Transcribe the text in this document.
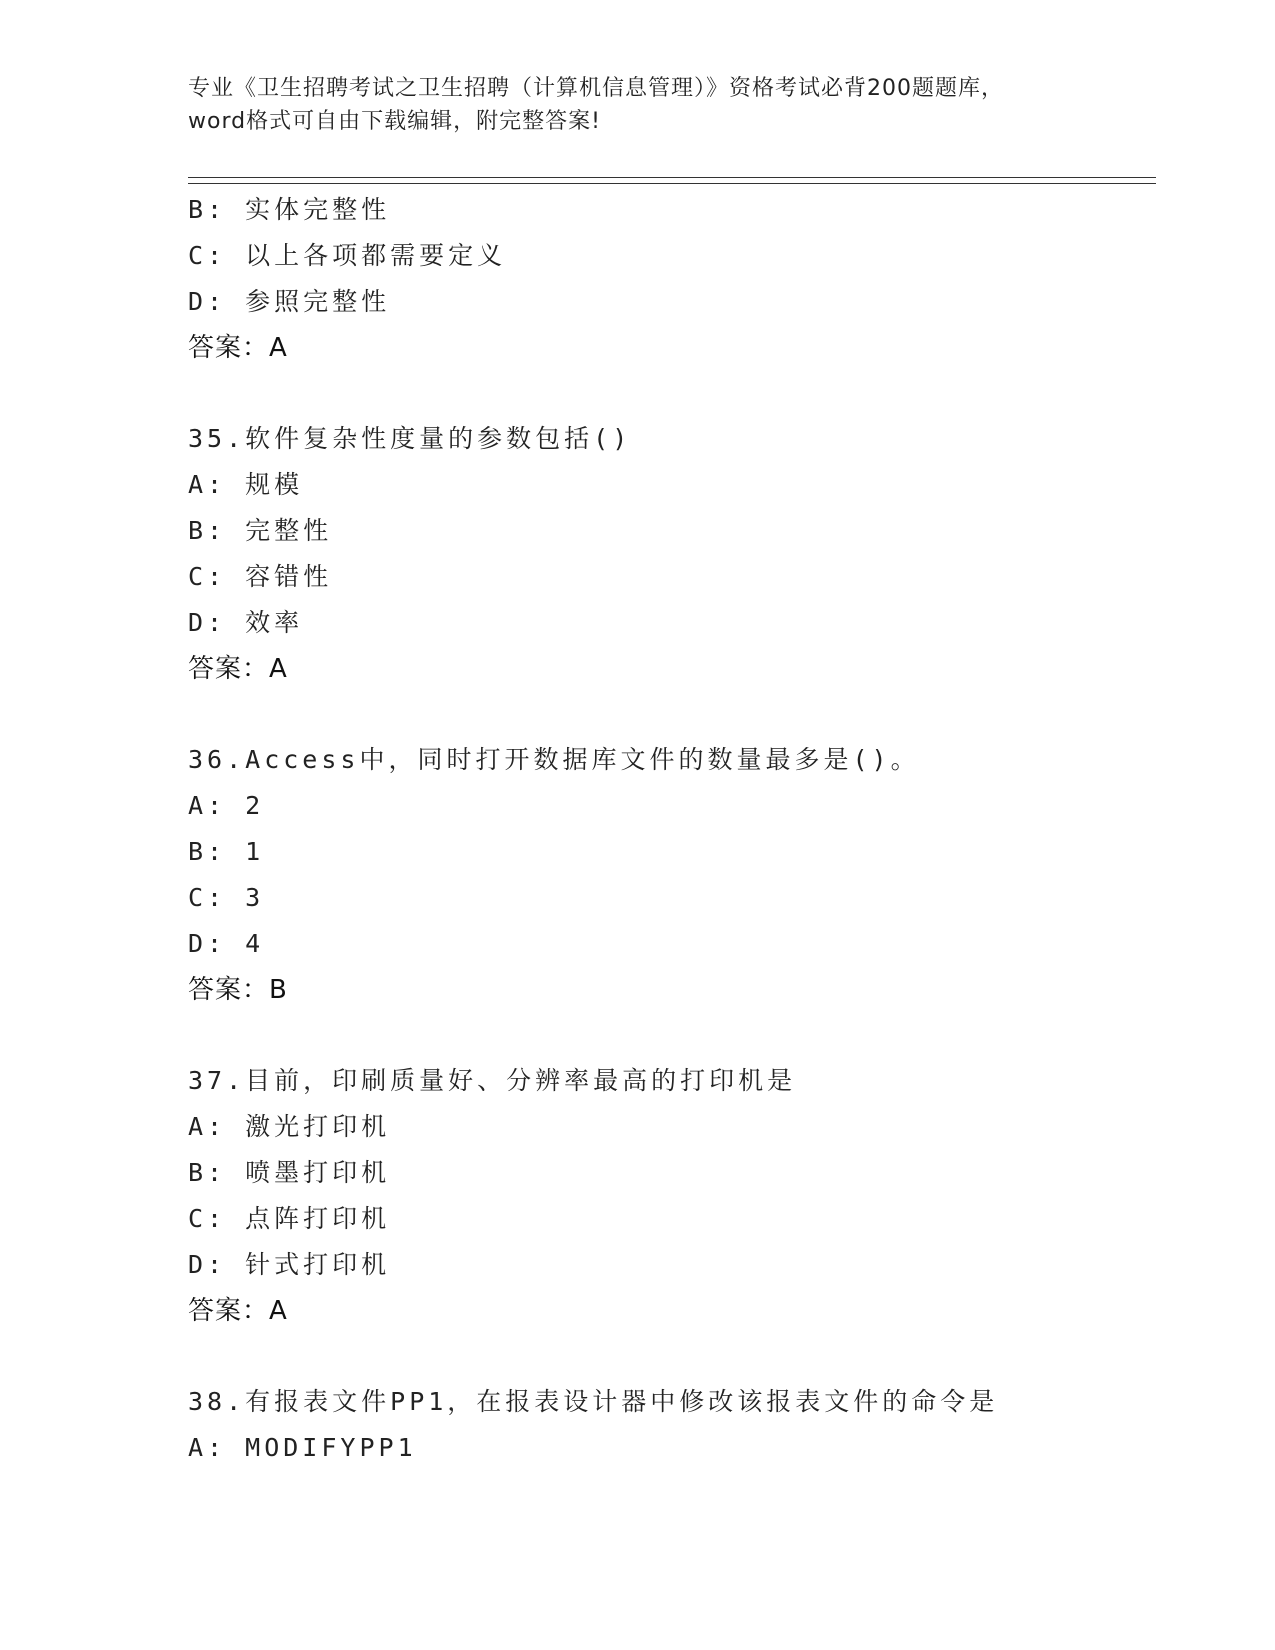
专业《卫生招聘考试之卫生招聘（计算机信息管理）》资格考试必背200题题库，
word格式可自由下载编辑，附完整答案!
B: 实体完整性
C: 以上各项都需要定义
D: 参照完整性
答案：A
35.软件复杂性度量的参数包括()
A: 规模
B: 完整性
C: 容错性
D: 效率
答案：A
36.Access中，同时打开数据库文件的数量最多是()。
A: 2
B: 1
C: 3
D: 4
答案：B
37.目前，印刷质量好、分辨率最高的打印机是
A: 激光打印机
B: 喷墨打印机
C: 点阵打印机
D: 针式打印机
答案：A
38.有报表文件PP1，在报表设计器中修改该报表文件的命令是
A: MODIFYPP1
